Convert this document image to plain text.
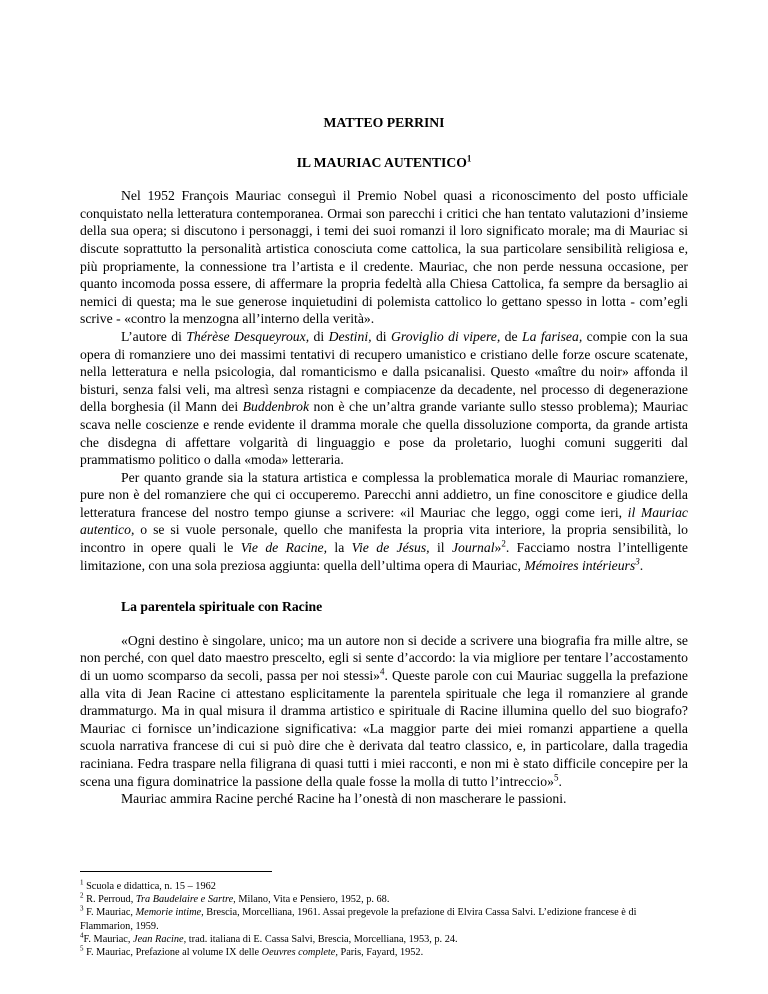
MATTEO PERRINI
IL MAURIAC AUTENTICO$^1$

Nel 1952 François Mauriac conseguì il Premio Nobel quasi a riconoscimento del posto ufficiale conquistato nella letteratura contemporanea. Ormai son parecchi i critici che han tentato valutazioni d’insieme della sua opera; si discutono i personaggi, i temi dei suoi romanzi il loro significato morale; ma di Mauriac si discute soprattutto la personalità artistica conosciuta come cattolica, la sua particolare sensibilità religiosa e, più propriamente, la connessione tra l’artista e il credente. Mauriac, che non perde nessuna occasione, per quanto incomoda possa essere, di affermare la propria fedeltà alla Chiesa Cattolica, fa sempre da bersaglio ai nemici di questa; ma le sue generose inquietudini di polemista cattolico lo gettano spesso in lotta - com’egli scrive - «contro la menzogna all’interno della verità».

L’autore di Thérèse Desqueyroux, di Destini, di Groviglio di vipere, de La farisea, compie con la sua opera di romanziere uno dei massimi tentativi di recupero umanistico e cristiano delle forze oscure scatenate, nella letteratura e nella psicologia, dal romanticismo e dalla psicanalisi. Questo «maître du noir» affonda il bisturi, senza falsi veli, ma altresì senza ristagni e compiacenze da decadente, nel processo di degenerazione della borghesia (il Mann dei Buddenbrok non è che un’altra grande variante sullo stesso problema); Mauriac scava nelle coscienze e rende evidente il dramma morale che quella dissoluzione comporta, da grande artista che disdegna di affettare volgarità di linguaggio e pose da proletario, luoghi comuni suggeriti dal prammatismo politico o dalla «moda» letteraria.

Per quanto grande sia la statura artistica e complessa la problematica morale di Mauriac romanziere, pure non è del romanziere che qui ci occuperemo. Parecchi anni addietro, un fine conoscitore e giudice della letteratura francese del nostro tempo giunse a scrivere: «il Mauriac che leggo, oggi come ieri, il Mauriac autentico, o se si vuole personale, quello che manifesta la propria vita interiore, la propria sensibilità, lo incontro in opere quali le Vie de Racine, la Vie de Jésus, il Journal»$^2$. Facciamo nostra l’intelligente limitazione, con una sola preziosa aggiunta: quella dell’ultima opera di Mauriac, Mémoires intérieurs$^3$.

La parentela spirituale con Racine

«Ogni destino è singolare, unico; ma un autore non si decide a scrivere una biografia fra mille altre, se non perché, con quel dato maestro prescelto, egli si sente d’accordo: la via migliore per tentare l’accostamento di un uomo scomparso da secoli, passa per noi stessi»$^4$. Queste parole con cui Mauriac suggella la prefazione alla vita di Jean Racine ci attestano esplicitamente la parentela spirituale che lega il romanziere al grande drammaturgo. Ma in qual misura il dramma artistico e spirituale di Racine illumina quello del suo biografo? Mauriac ci fornisce un’indicazione significativa: «La maggior parte dei miei romanzi appartiene a quella scuola narrativa francese di cui si può dire che è derivata dal teatro classico, e, in particolare, dalla tragedia raciniana. Fedra traspare nella filigrana di quasi tutti i miei racconti, e non mi è stato difficile concepire per la scena una figura dominatrice la passione della quale fosse la molla di tutto l’intreccio»$^5$.

Mauriac ammira Racine perché Racine ha l’onestà di non mascherare le passioni.

$^1$ Scuola e didattica, n. 15 – 1962

$^2$ R. Perroud, Tra Baudelaire e Sartre, Milano, Vita e Pensiero, 1952, p. 68.

$^3$ F. Mauriac, Memorie intime, Brescia, Morcelliana, 1961. Assai pregevole la prefazione di Elvira Cassa Salvi. L’edizione francese è di Flammarion, 1959.

$^4$F. Mauriac, Jean Racine, trad. italiana di E. Cassa Salvi, Brescia, Morcelliana, 1953, p. 24.

$^5$ F. Mauriac, Prefazione al volume IX delle Oeuvres complete, Paris, Fayard, 1952.
